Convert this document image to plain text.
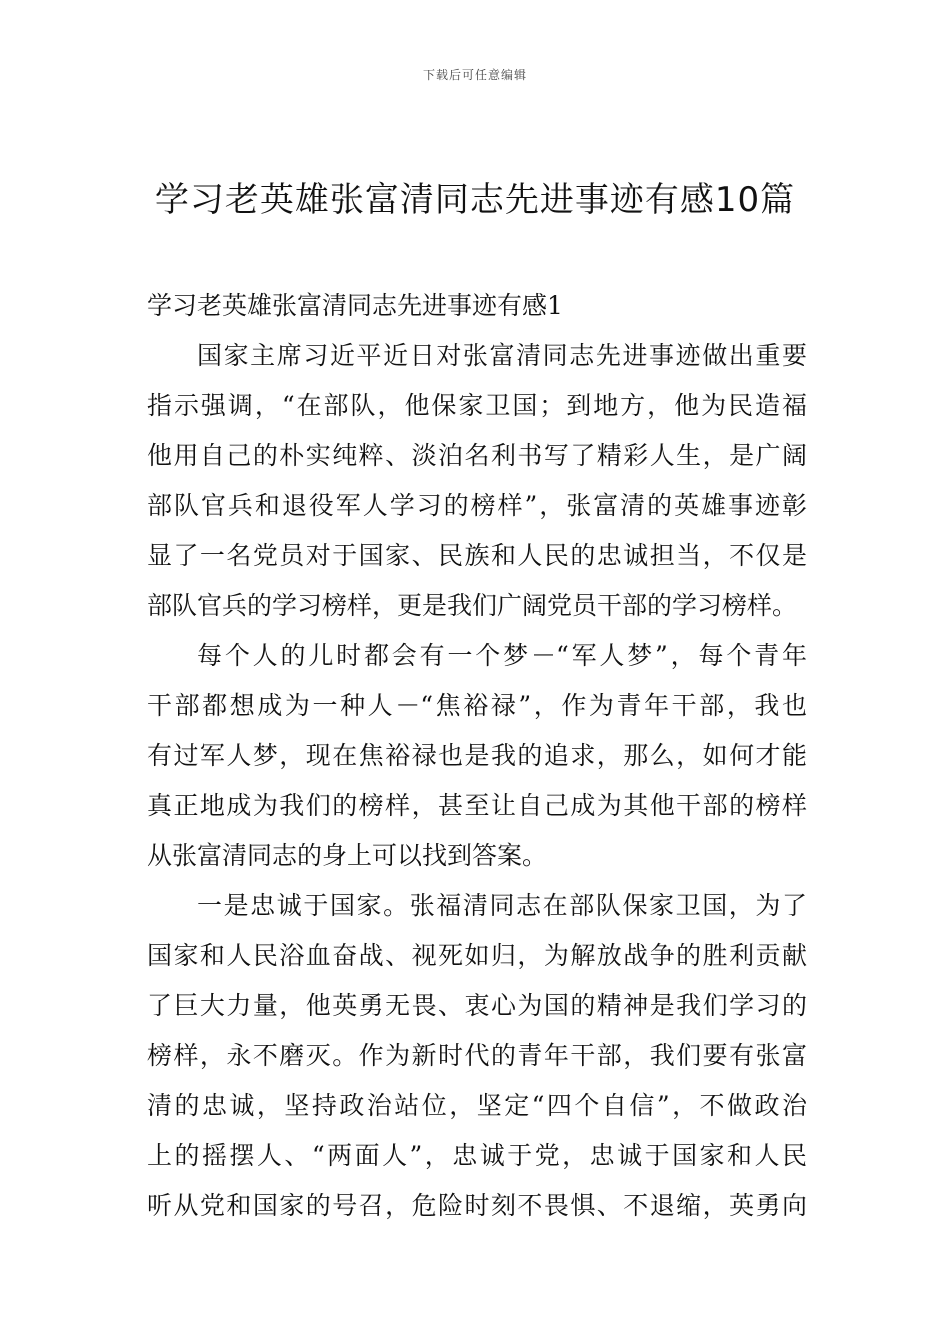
下载后可任意编辑
学习老英雄张富清同志先进事迹有感10篇

学习老英雄张富清同志先进事迹有感1

国家主席习近平近日对张富清同志先进事迹做出重要
指示强调，“在部队，他保家卫国；到地方，他为民造福
他用自己的朴实纯粹、淡泊名利书写了精彩人生，是广阔
部队官兵和退役军人学习的榜样”，张富清的英雄事迹彰
显了一名党员对于国家、民族和人民的忠诚担当，不仅是
部队官兵的学习榜样，更是我们广阔党员干部的学习榜样。

每个人的儿时都会有一个梦－“军人梦”，每个青年
干部都想成为一种人－“焦裕禄”，作为青年干部，我也
有过军人梦，现在焦裕禄也是我的追求，那么，如何才能
真正地成为我们的榜样，甚至让自己成为其他干部的榜样
从张富清同志的身上可以找到答案。

一是忠诚于国家。张福清同志在部队保家卫国，为了
国家和人民浴血奋战、视死如归，为解放战争的胜利贡献
了巨大力量，他英勇无畏、衷心为国的精神是我们学习的
榜样，永不磨灭。作为新时代的青年干部，我们要有张富
清的忠诚，坚持政治站位，坚定“四个自信”，不做政治
上的摇摆人、“两面人”，忠诚于党，忠诚于国家和人民
听从党和国家的号召，危险时刻不畏惧、不退缩，英勇向
